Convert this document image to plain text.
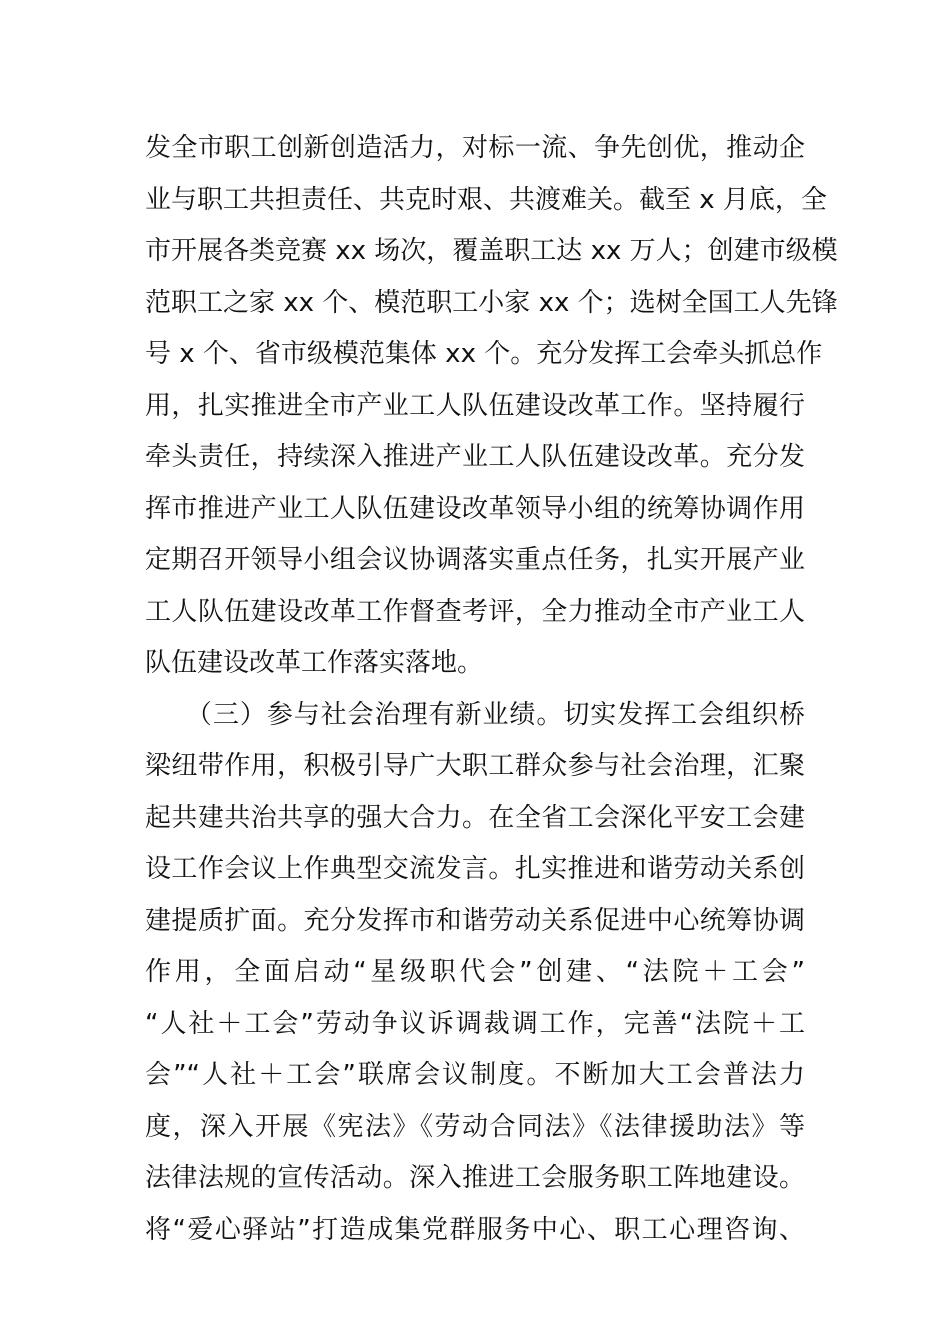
发全市职工创新创造活力，对标一流、争先创优，推动企
业与职工共担责任、共克时艰、共渡难关。截至 x 月底，全
市开展各类竞赛 xx 场次，覆盖职工达 xx 万人；创建市级模
范职工之家 xx 个、模范职工小家 xx 个；选树全国工人先锋
号 x 个、省市级模范集体 xx 个。充分发挥工会牵头抓总作
用，扎实推进全市产业工人队伍建设改革工作。坚持履行
牵头责任，持续深入推进产业工人队伍建设改革。充分发
挥市推进产业工人队伍建设改革领导小组的统筹协调作用
定期召开领导小组会议协调落实重点任务，扎实开展产业
工人队伍建设改革工作督查考评，全力推动全市产业工人
队伍建设改革工作落实落地。
　　（三）参与社会治理有新业绩。切实发挥工会组织桥
梁纽带作用，积极引导广大职工群众参与社会治理，汇聚
起共建共治共享的强大合力。在全省工会深化平安工会建
设工作会议上作典型交流发言。扎实推进和谐劳动关系创
建提质扩面。充分发挥市和谐劳动关系促进中心统筹协调
作用，全面启动“星级职代会”创建、“法院＋工会”
“人社＋工会”劳动争议诉调裁调工作，完善“法院＋工
会”“人社＋工会”联席会议制度。不断加大工会普法力
度，深入开展《宪法》《劳动合同法》《法律援助法》等
法律法规的宣传活动。深入推进工会服务职工阵地建设。
将“爱心驿站”打造成集党群服务中心、职工心理咨询、
